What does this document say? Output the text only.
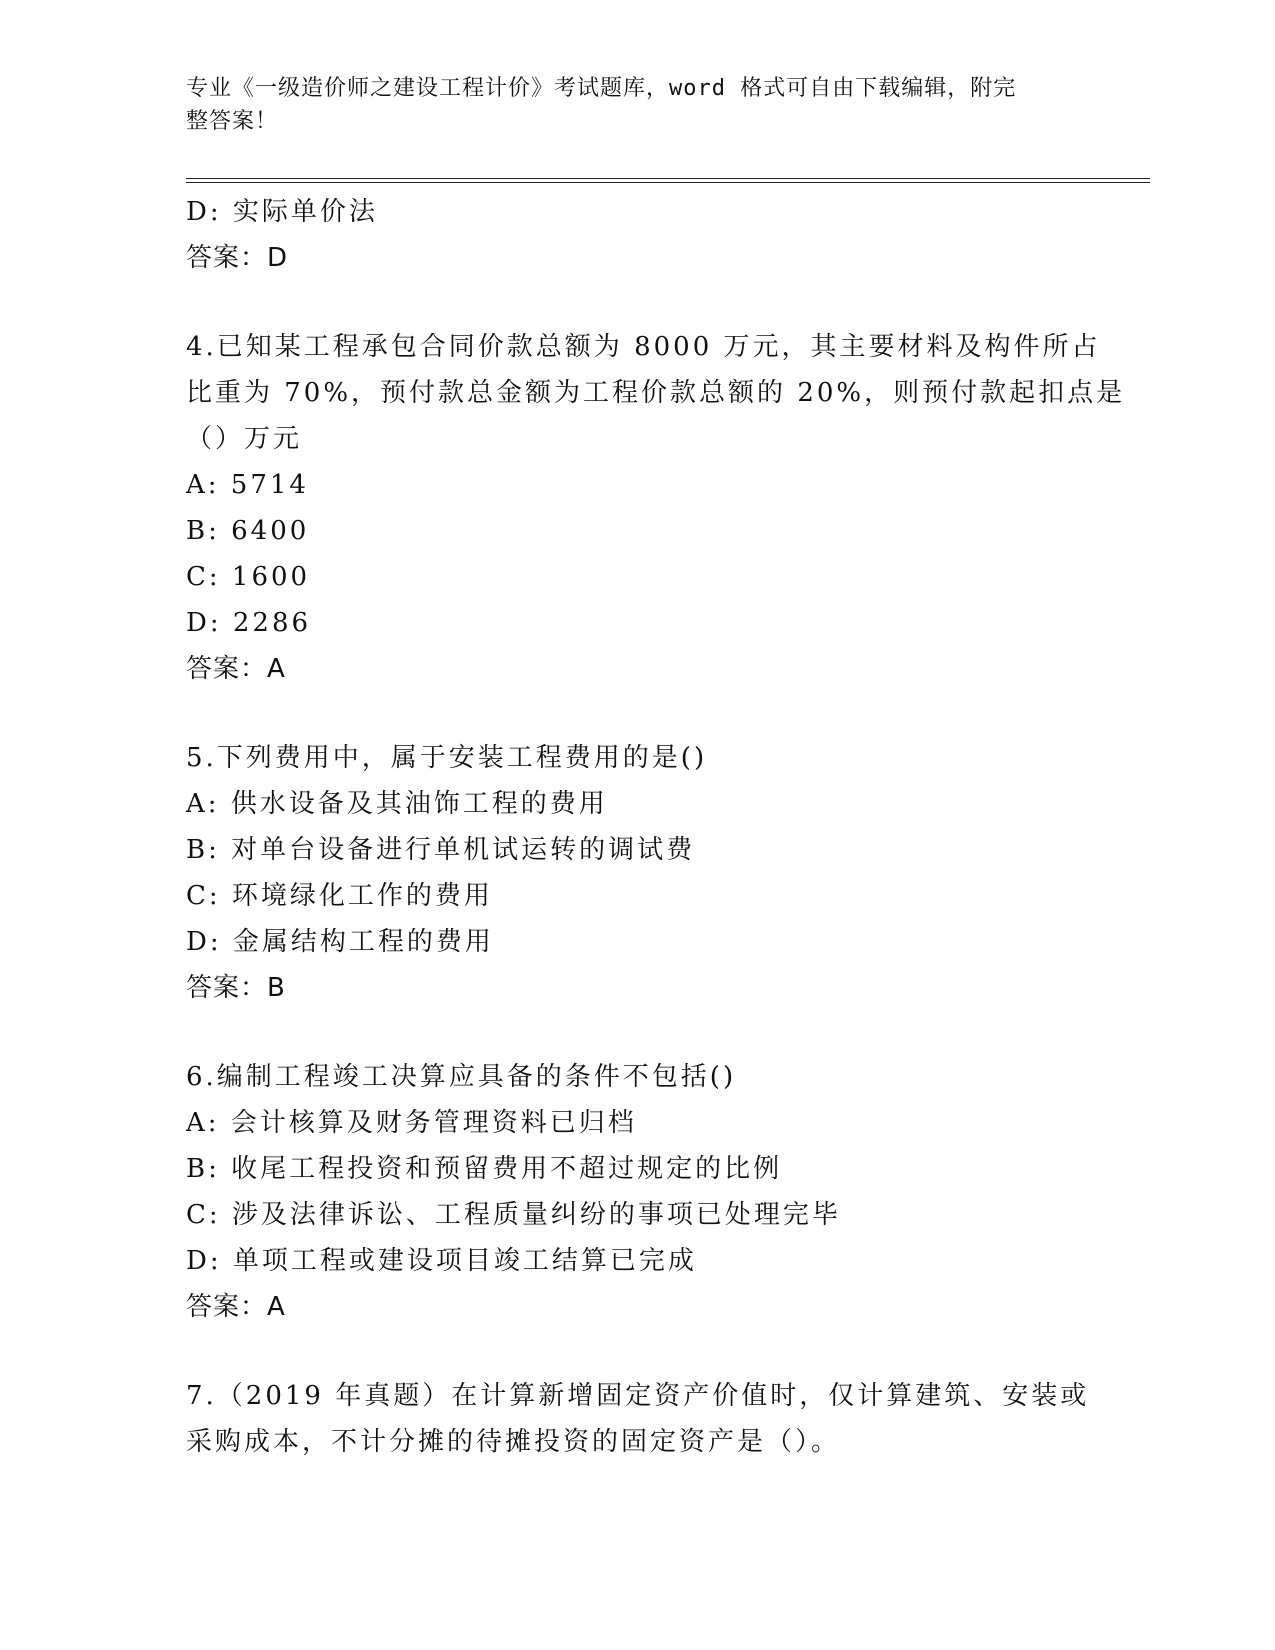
专业《一级造价师之建设工程计价》考试题库，word 格式可自由下载编辑，附完
整答案！
D: 实际单价法
答案：D
4.已知某工程承包合同价款总额为 8000 万元，其主要材料及构件所占
比重为 70%，预付款总金额为工程价款总额的 20%，则预付款起扣点是
（）万元
A: 5714
B: 6400
C: 1600
D: 2286
答案：A
5.下列费用中，属于安装工程费用的是()
A: 供水设备及其油饰工程的费用
B: 对单台设备进行单机试运转的调试费
C: 环境绿化工作的费用
D: 金属结构工程的费用
答案：B
6.编制工程竣工决算应具备的条件不包括()
A: 会计核算及财务管理资料已归档
B: 收尾工程投资和预留费用不超过规定的比例
C: 涉及法律诉讼、工程质量纠纷的事项已处理完毕
D: 单项工程或建设项目竣工结算已完成
答案：A
7.（2019 年真题）在计算新增固定资产价值时，仅计算建筑、安装或
采购成本，不计分摊的待摊投资的固定资产是（）。
